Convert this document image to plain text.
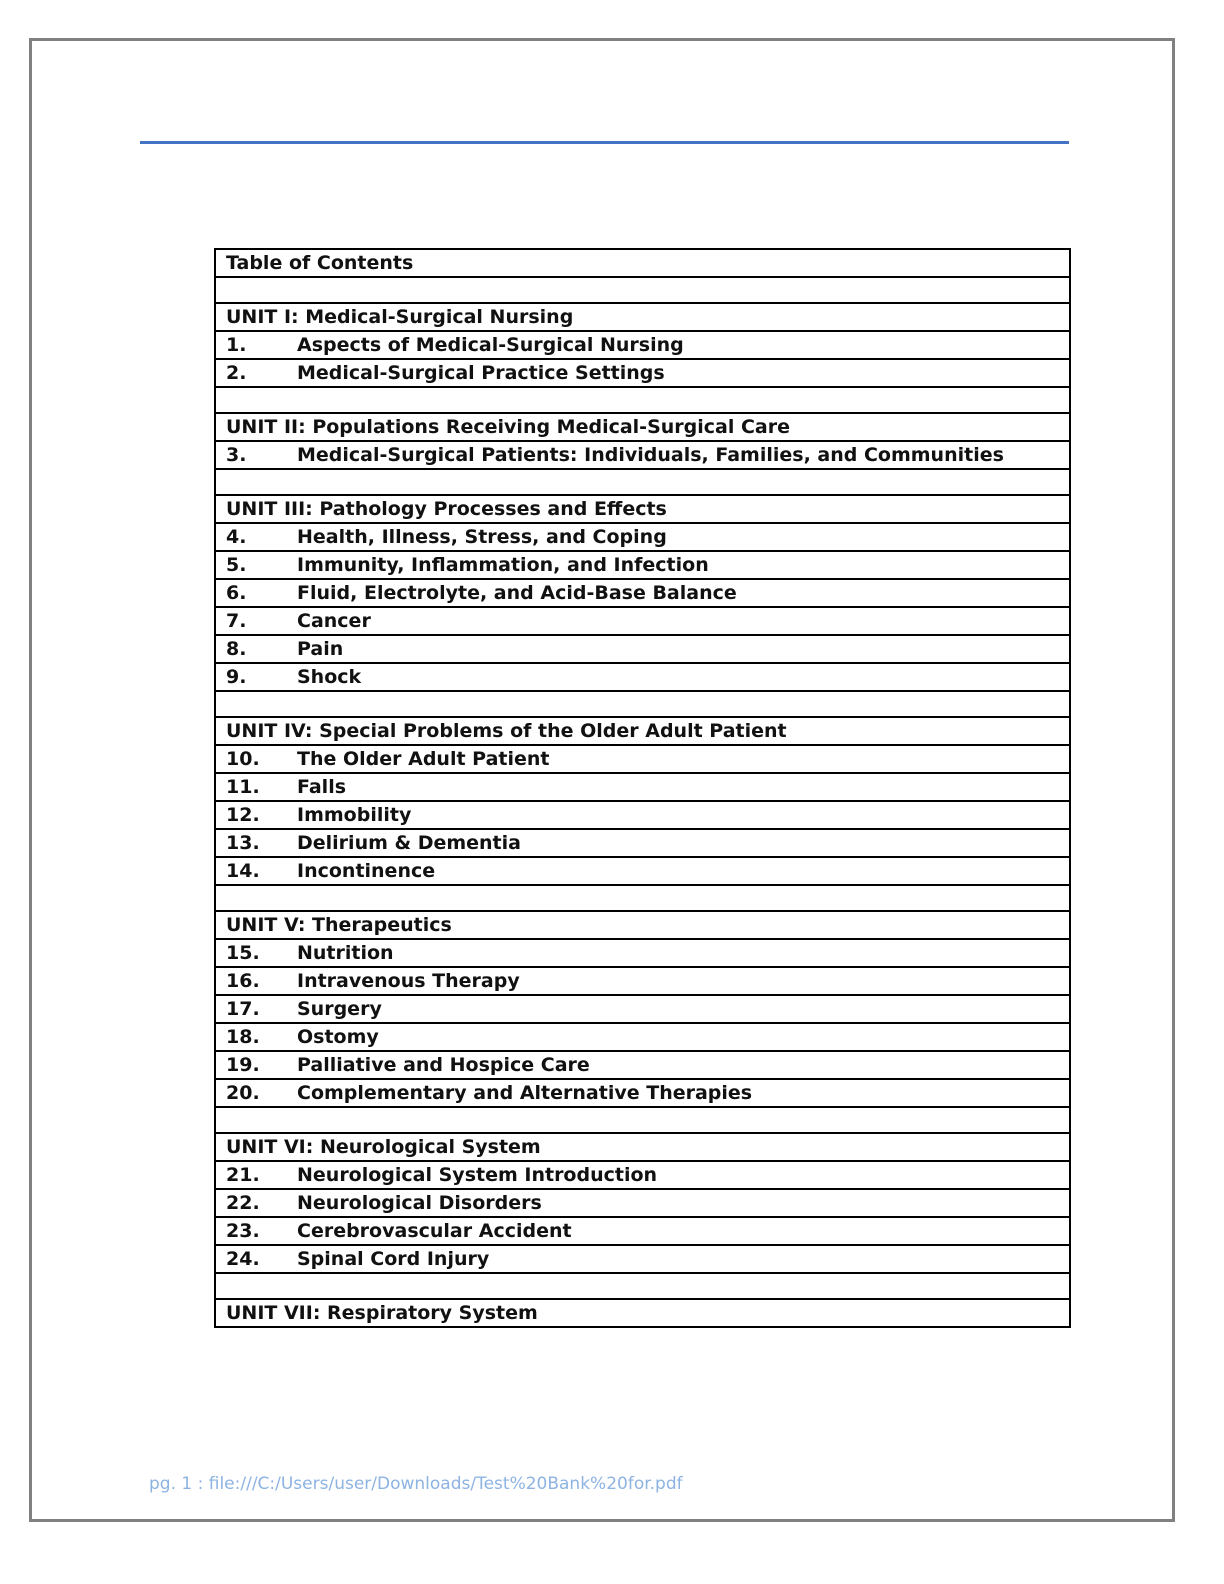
Table of Contents

UNIT I: Medical-Surgical Nursing
1.	Aspects of Medical-Surgical Nursing
2.	Medical-Surgical Practice Settings

UNIT II: Populations Receiving Medical-Surgical Care
3.	Medical-Surgical Patients: Individuals, Families, and Communities

UNIT III: Pathology Processes and Effects
4.	Health, Illness, Stress, and Coping
5.	Immunity, Inflammation, and Infection
6.	Fluid, Electrolyte, and Acid-Base Balance
7.	Cancer
8.	Pain
9.	Shock

UNIT IV: Special Problems of the Older Adult Patient
10. The Older Adult Patient
11. Falls
12. Immobility
13. Delirium & Dementia
14. Incontinence

UNIT V: Therapeutics
15. Nutrition
16. Intravenous Therapy
17. Surgery
18. Ostomy
19. Palliative and Hospice Care
20. Complementary and Alternative Therapies

UNIT VI: Neurological System
21. Neurological System Introduction
22. Neurological Disorders
23. Cerebrovascular Accident
24. Spinal Cord Injury

UNIT VII: Respiratory System
pg. 1 : file:///C:/Users/user/Downloads/Test%20Bank%20for.pdf
